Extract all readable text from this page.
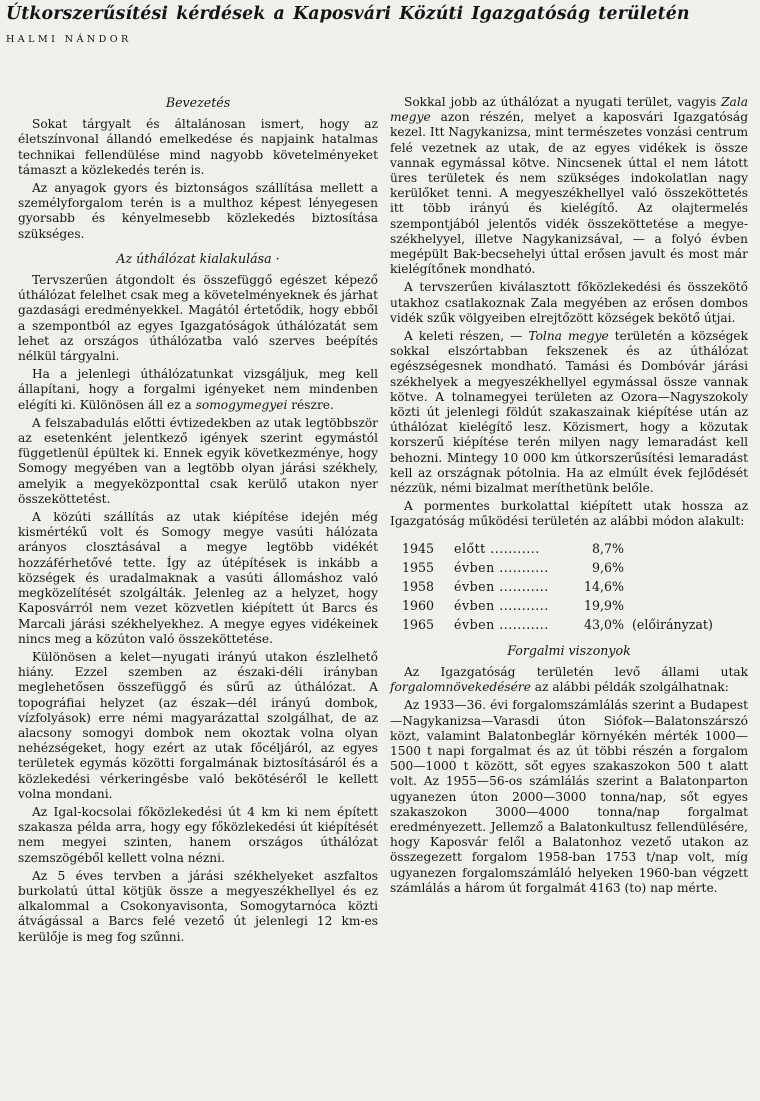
Útkorszerűsítési kérdések a Kaposvári Közúti Igazgatóság területén
HALMI NÁNDOR
Bevezetés

Sokat tárgyalt és általánosan ismert, hogy az életszínvonal állandó emelkedése és napjaink hatalmas technikai fellendülése mind nagyobb követelményeket támaszt a közlekedés terén is.

Az anyagok gyors és biztonságos szállítása mellett a személyforgalom terén is a multhoz képest lényegesen gyorsabb és kényelmesebb közlekedés biztosítása szükséges.

Az úthálózat kialakulása ·

Tervszerűen átgondolt és összefüggő egészet képező úthálózat felelhet csak meg a követelményeknek és járhat gazdasági eredményekkel. Magától értetődik, hogy ebből a szempontból az egyes Igazgatóságok úthálózatát sem lehet az országos úthálózatba való szerves beépítés nélkül tárgyalni.

Ha a jelenlegi úthálózatunkat vizsgáljuk, meg kell állapítani, hogy a forgalmi igényeket nem mindenben elégíti ki. Különösen áll ez a somogymegyei részre.

A felszabadulás előtti évtizedekben az utak legtöbbször az esetenként jelentkező igények szerint egymástól függetlenül épültek ki. Ennek egyik következménye, hogy Somogy megyében van a legtöbb olyan járási székhely, amelyik a megyeközponttal csak kerülő utakon nyer összeköttetést.

A közúti szállítás az utak kiépítése idején még kismértékű volt és Somogy megye vasúti hálózata arányos closztásával a megye legtöbb vidékét hozzáférhetővé tette. Így az útépítések is inkább a községek és uradalmaknak a vasúti állomáshoz való megközelítését szolgálták. Jelenleg az a helyzet, hogy Kaposvárról nem vezet közvetlen kiépített út Barcs és Marcali járási székhelyekhez. A megye egyes vidékeinek nincs meg a közúton való összeköttetése.

Különösen a kelet—nyugati irányú utakon észlelhető hiány. Ezzel szemben az északi-déli irányban meglehetősen összefüggő és sűrű az úthálózat. A topográfiai helyzet (az észak—dél irányú dombok, vízfolyások) erre némi magyarázattal szolgálhat, de az alacsony somogyi dombok nem okoztak volna olyan nehézségeket, hogy ezért az utak főcéljáról, az egyes területek egymás közötti forgalmának biztosításáról és a közlekedési vérkeringésbe való bekötéséről le kellett volna mondani.

Az Igal-kocsolai főközlekedési út 4 km ki nem épített szakasza példa arra, hogy egy főközlekedési út kiépítését nem megyei szinten, hanem országos úthálózat szemszögéből kellett volna nézni.

Az 5 éves tervben a járási székhelyeket aszfaltos burkolatú úttal kötjük össze a megyeszékhellyel és ez alkalommal a Csokonyavisonta, Somogytarnóca közti átvágással a Barcs felé vezető út jelenlegi 12 km-es kerülője is meg fog szűnni.

Sokkal jobb az úthálózat a nyugati terület, vagyis Zala megye azon részén, melyet a kaposvári Igazgatóság kezel. Itt Nagykanizsa, mint természetes vonzási centrum felé vezetnek az utak, de az egyes vidékek is össze vannak egymással kötve. Nincsenek úttal el nem látott üres területek és nem szükséges indokolatlan nagy kerülőket tenni. A megyeszékhellyel való összeköttetés itt több irányú és kielégítő. Az olajtermelés szempontjából jelentős vidék összeköttetése a megye-székhelyyel, illetve Nagykanizsával, — a folyó évben megépült Bak-becsehelyi úttal erősen javult és most már kielégítőnek mondható.

A tervszerűen kiválasztott főközlekedési és összekötő utakhoz csatlakoznak Zala megyében az erősen dombos vidék szűk völgyeiben elrejtőzött községek bekötő útjai.

A keleti részen, — Tolna megye területén a községek sokkal elszórtabban fekszenek és az úthálózat egészségesnek mondható. Tamási és Dombóvár járási székhelyek a megyeszékhellyel egymással össze vannak kötve. A tolnamegyei területen az Ozora—Nagyszokoly közti út jelenlegi földút szakaszainak kiépítése után az úthálózat kielégítő lesz. Közismert, hogy a közutak korszerű kiépítése terén milyen nagy lemaradást kell behozni. Mintegy 10 000 km útkorszerűsítési lemaradást kell az országnak pótolnia. Ha az elmúlt évek fejlődését nézzük, némi bizalmat meríthetünk belőle.

A pormentes burkolattal kiépített utak hossza az Igazgatóság működési területén az alábbi módon alakult:

1945	előtt ...........	8,7%	
1955	évben ...........	9,6%	
1958	évben ...........	14,6%	
1960	évben ...........	19,9%	
1965	évben ...........	43,0%	(előirányzat)
Forgalmi viszonyok

Az Igazgatóság területén levő állami utak forgalomnövekedésére az alábbi példák szolgálhatnak:

Az 1933—36. évi forgalomszámlálás szerint a Budapest—Nagykanizsa—Varasdi úton Siófok—Balatonszárszó közt, valamint Balatonbeglár környékén mérték 1000—1500 t napi forgalmat és az út többi részén a forgalom 500—1000 t között, sőt egyes szakaszokon 500 t alatt volt. Az 1955—56-os számlálás szerint a Balatonparton ugyanezen úton 2000—3000 tonna/nap, sőt egyes szakaszokon 3000—4000 tonna/nap forgalmat eredményezett. Jellemző a Balatonkultusz fellendülésére, hogy Kaposvár felől a Balatonhoz vezető utakon az összegezett forgalom 1958-ban 1753 t/nap volt, míg ugyanezen forgalomszámláló helyeken 1960-ban végzett számlálás a három út forgalmát 4163 (to) nap mérte.
